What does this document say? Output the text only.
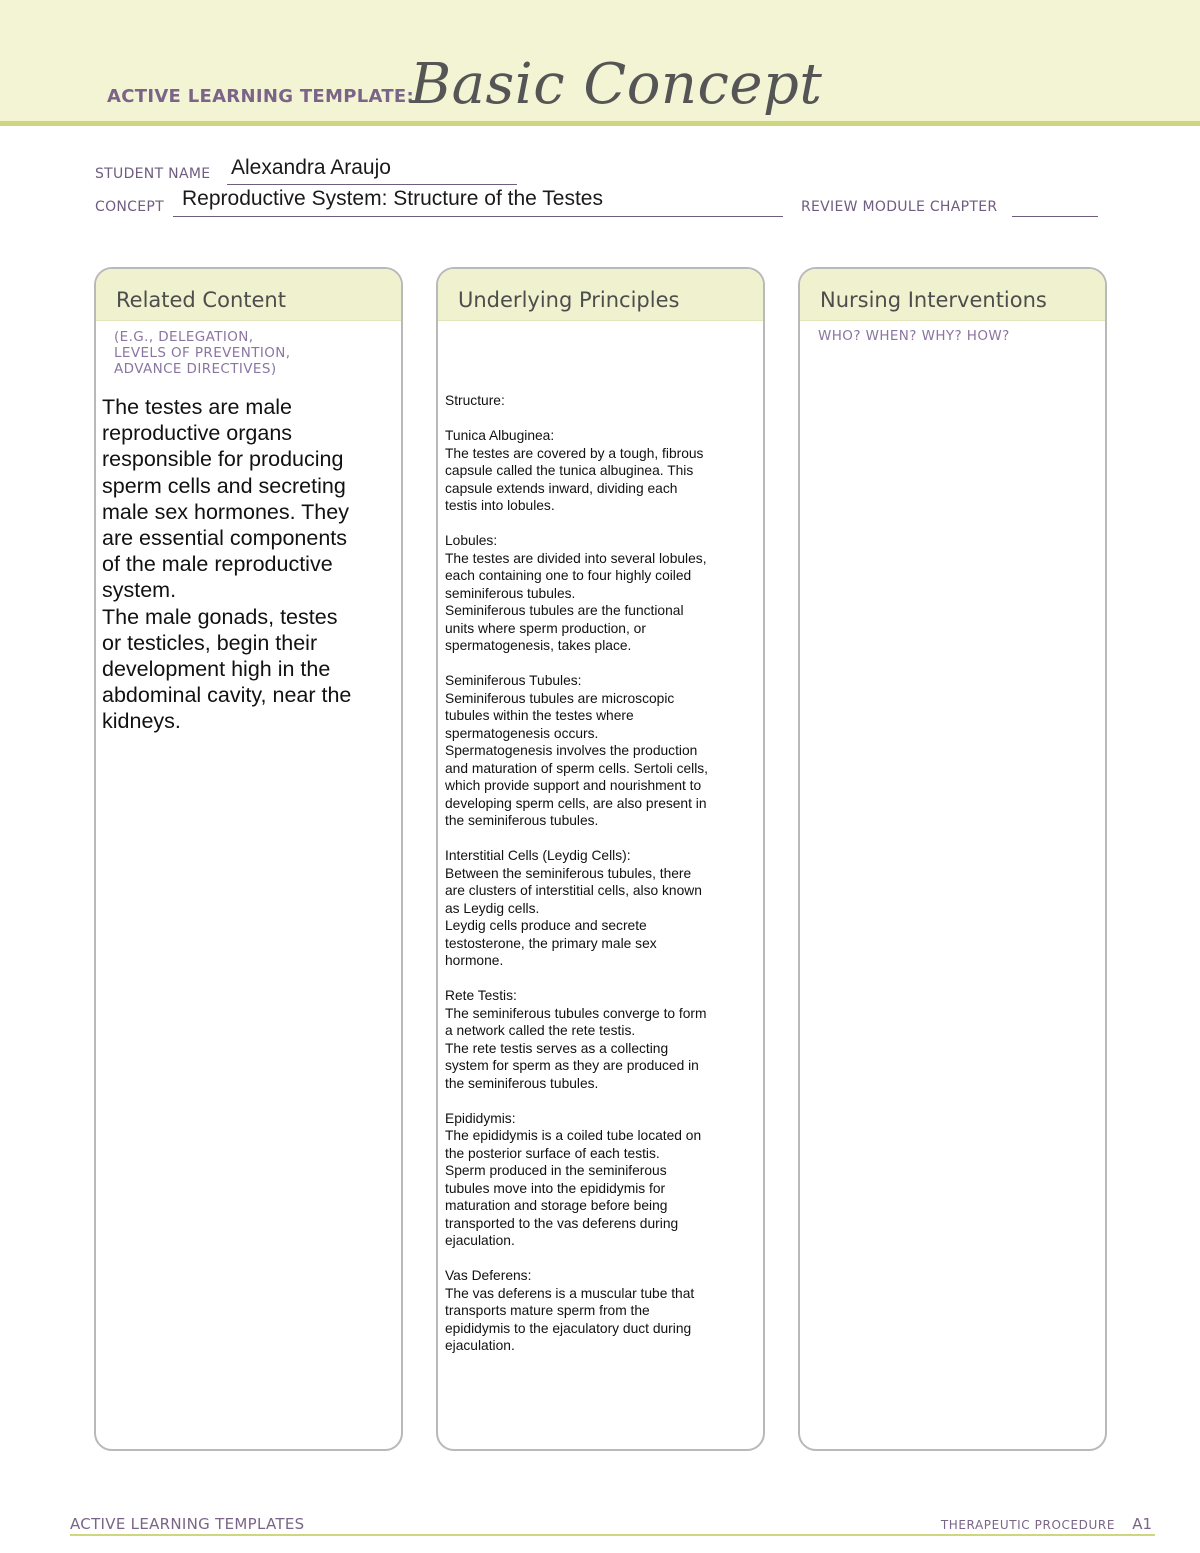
ACTIVE LEARNING TEMPLATE:
Basic Concept
STUDENT NAME Alexandra Araujo
CONCEPT Reproductive System: Structure of the Testes	REVIEW MODULE CHAPTER
Related Content
(E.G., DELEGATION,
LEVELS OF PREVENTION,
ADVANCE DIRECTIVES)
The testes are male
reproductive organs
responsible for producing
sperm cells and secreting
male sex hormones. They
are essential components
of the male reproductive
system.
The male gonads, testes
or testicles, begin their
development high in the
abdominal cavity, near the
kidneys.
Underlying Principles
Structure:

Tunica Albuginea:
The testes are covered by a tough, fibrous
capsule called the tunica albuginea. This
capsule extends inward, dividing each
testis into lobules.

Lobules:
The testes are divided into several lobules,
each containing one to four highly coiled
seminiferous tubules.
Seminiferous tubules are the functional
units where sperm production, or
spermatogenesis, takes place.

Seminiferous Tubules:
Seminiferous tubules are microscopic
tubules within the testes where
spermatogenesis occurs.
Spermatogenesis involves the production
and maturation of sperm cells. Sertoli cells,
which provide support and nourishment to
developing sperm cells, are also present in
the seminiferous tubules.

Interstitial Cells (Leydig Cells):
Between the seminiferous tubules, there
are clusters of interstitial cells, also known
as Leydig cells.
Leydig cells produce and secrete
testosterone, the primary male sex
hormone.

Rete Testis:
The seminiferous tubules converge to form
a network called the rete testis.
The rete testis serves as a collecting
system for sperm as they are produced in
the seminiferous tubules.

Epididymis:
The epididymis is a coiled tube located on
the posterior surface of each testis.
Sperm produced in the seminiferous
tubules move into the epididymis for
maturation and storage before being
transported to the vas deferens during
ejaculation.

Vas Deferens:
The vas deferens is a muscular tube that
transports mature sperm from the
epididymis to the ejaculatory duct during
ejaculation.
Nursing Interventions
WHO? WHEN? WHY? HOW?
ACTIVE LEARNING TEMPLATES	THERAPEUTIC PROCEDURE A1
